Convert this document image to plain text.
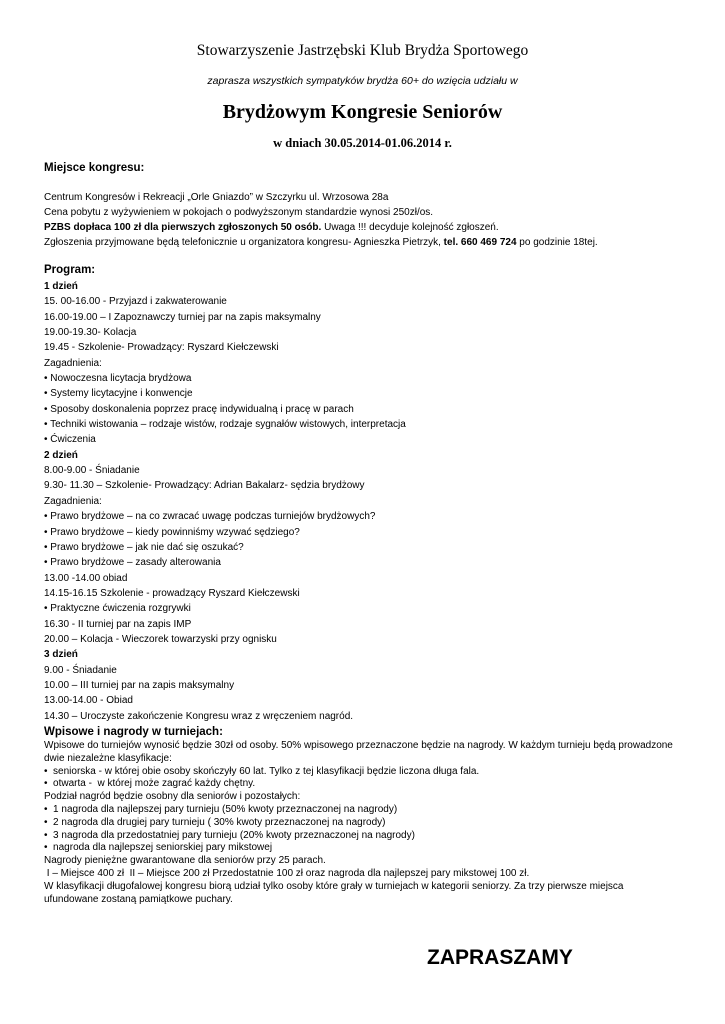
Stowarzyszenie Jastrzębski Klub Brydża Sportowego
zaprasza wszystkich sympatyków brydża 60+ do wzięcia udziału w
Brydżowym Kongresie Seniorów
w dniach 30.05.2014-01.06.2014 r.
Miejsce kongresu:
Centrum Kongresów i Rekreacji „Orle Gniazdo” w Szczyrku ul. Wrzosowa 28a
Cena pobytu z wyżywieniem w pokojach o podwyższonym standardzie wynosi 250zł/os.
PZBS dopłaca 100 zł dla pierwszych zgłoszonych 50 osób. Uwaga !!! decyduje kolejność zgłoszeń.
Zgłoszenia przyjmowane będą telefonicznie u organizatora kongresu- Agnieszka Pietrzyk, tel. 660 469 724 po godzinie 18tej.
Program:
1 dzień
15. 00-16.00 - Przyjazd i zakwaterowanie
16.00-19.00 – I Zapoznawczy turniej par na zapis maksymalny
19.00-19.30- Kolacja
19.45 - Szkolenie- Prowadzący: Ryszard Kiełczewski
Zagadnienia:
• Nowoczesna licytacja brydżowa
• Systemy licytacyjne i konwencje
• Sposoby doskonalenia poprzez pracę indywidualną i pracę w parach
• Techniki wistowania – rodzaje wistów, rodzaje sygnałów wistowych, interpretacja
• Ćwiczenia
2 dzień
8.00-9.00 - Śniadanie
9.30- 11.30 – Szkolenie- Prowadzący: Adrian Bakalarz- sędzia brydżowy
Zagadnienia:
• Prawo brydżowe – na co zwracać uwagę podczas turniejów brydżowych?
• Prawo brydżowe – kiedy powinniśmy wzywać sędziego?
• Prawo brydżowe – jak nie dać się oszukać?
• Prawo brydżowe – zasady alterowania
13.00 -14.00 obiad
14.15-16.15 Szkolenie - prowadzący Ryszard Kiełczewski
• Praktyczne ćwiczenia rozgrywki
16.30 - II turniej par na zapis IMP
20.00 – Kolacja - Wieczorek towarzyski przy ognisku
3 dzień
9.00 - Śniadanie
10.00 – III turniej par na zapis maksymalny
13.00-14.00 - Obiad
14.30 – Uroczyste zakończenie Kongresu wraz z wręczeniem nagród.
Wpisowe i nagrody w turniejach:
Wpisowe do turniejów wynosić będzie 30zł od osoby. 50% wpisowego przeznaczone będzie na nagrody. W każdym turnieju będą prowadzone
dwie niezależne klasyfikacje:
•  seniorska - w której obie osoby skończyły 60 lat. Tylko z tej klasyfikacji będzie liczona długa fala.
•  otwarta -  w której może zagrać każdy chętny.
Podział nagród będzie osobny dla seniorów i pozostałych:
•  1 nagroda dla najlepszej pary turnieju (50% kwoty przeznaczonej na nagrody)
•  2 nagroda dla drugiej pary turnieju ( 30% kwoty przeznaczonej na nagrody)
•  3 nagroda dla przedostatniej pary turnieju (20% kwoty przeznaczonej na nagrody)
•  nagroda dla najlepszej seniorskiej pary mikstowej
Nagrody pieniężne gwarantowane dla seniorów przy 25 parach.
I – Miejsce 400 zł  II – Miejsce 200 zł Przedostatnie 100 zł oraz nagroda dla najlepszej pary mikstowej 100 zł.
W klasyfikacji długofalowej kongresu biorą udział tylko osoby które grały w turniejach w kategorii seniorzy. Za trzy pierwsze miejsca
ufundowane zostaną pamiątkowe puchary.
ZAPRASZAMY
